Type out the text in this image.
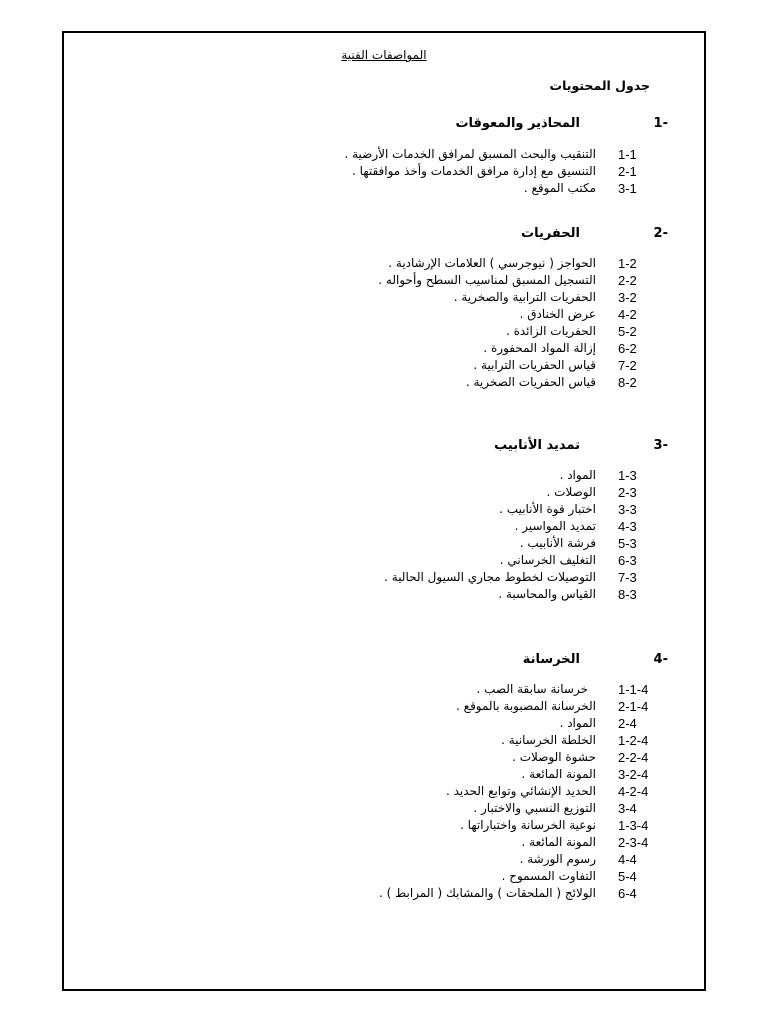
المواصفات الفنية
جدول المحتويات
-1
المحاذير والمعوقات
1-1
التنقيب والبحث المسبق لمرافق الخدمات الأرضية .
2-1
التنسيق مع إدارة مرافق الخدمات وأخذ موافقتها .
3-1
مكتب الموقع .
-2
الحفريات
1-2
الحواجز ( نيوجرسي ) العلامات الإرشادية .
2-2
التسجيل المسبق لمناسيب السطح وأحواله .
3-2
الحفريات الترابية والصخرية .
4-2
عرض الخنادق .
5-2
الحفريات الزائدة .
6-2
إزالة المواد المحفورة .
7-2
قياس الحفريات الترابية .
8-2
قياس الحفريات الصخرية .
-3
تمديد الأنابيب
1-3
المواد .
2-3
الوصلات .
3-3
اختبار قوة الأنابيب .
4-3
تمديد المواسير .
5-3
فرشة الأنابيب .
6-3
التغليف الخرساني .
7-3
التوصيلات لخطوط مجاري السيول الحالية .
8-3
القياس والمحاسبة .
-4
الخرسانة
1-1-4
خرسانة سابقة الصب .
2-1-4
الخرسانة المصبوبة بالموقع .
2-4
المواد .
1-2-4
الخلطة الخرسانية .
2-2-4
حشوة الوصلات .
3-2-4
المونة المائعة .
4-2-4
الحديد الإنشائي وتوابع الحديد .
3-4
التوزيع النسبي والاختبار .
1-3-4
نوعية الخرسانة واختباراتها .
2-3-4
المونة المائعة .
4-4
رسوم الورشة .
5-4
التفاوت المسموح .
6-4
الولائج ( الملحقات ) والمشابك ( المرابط ) .
